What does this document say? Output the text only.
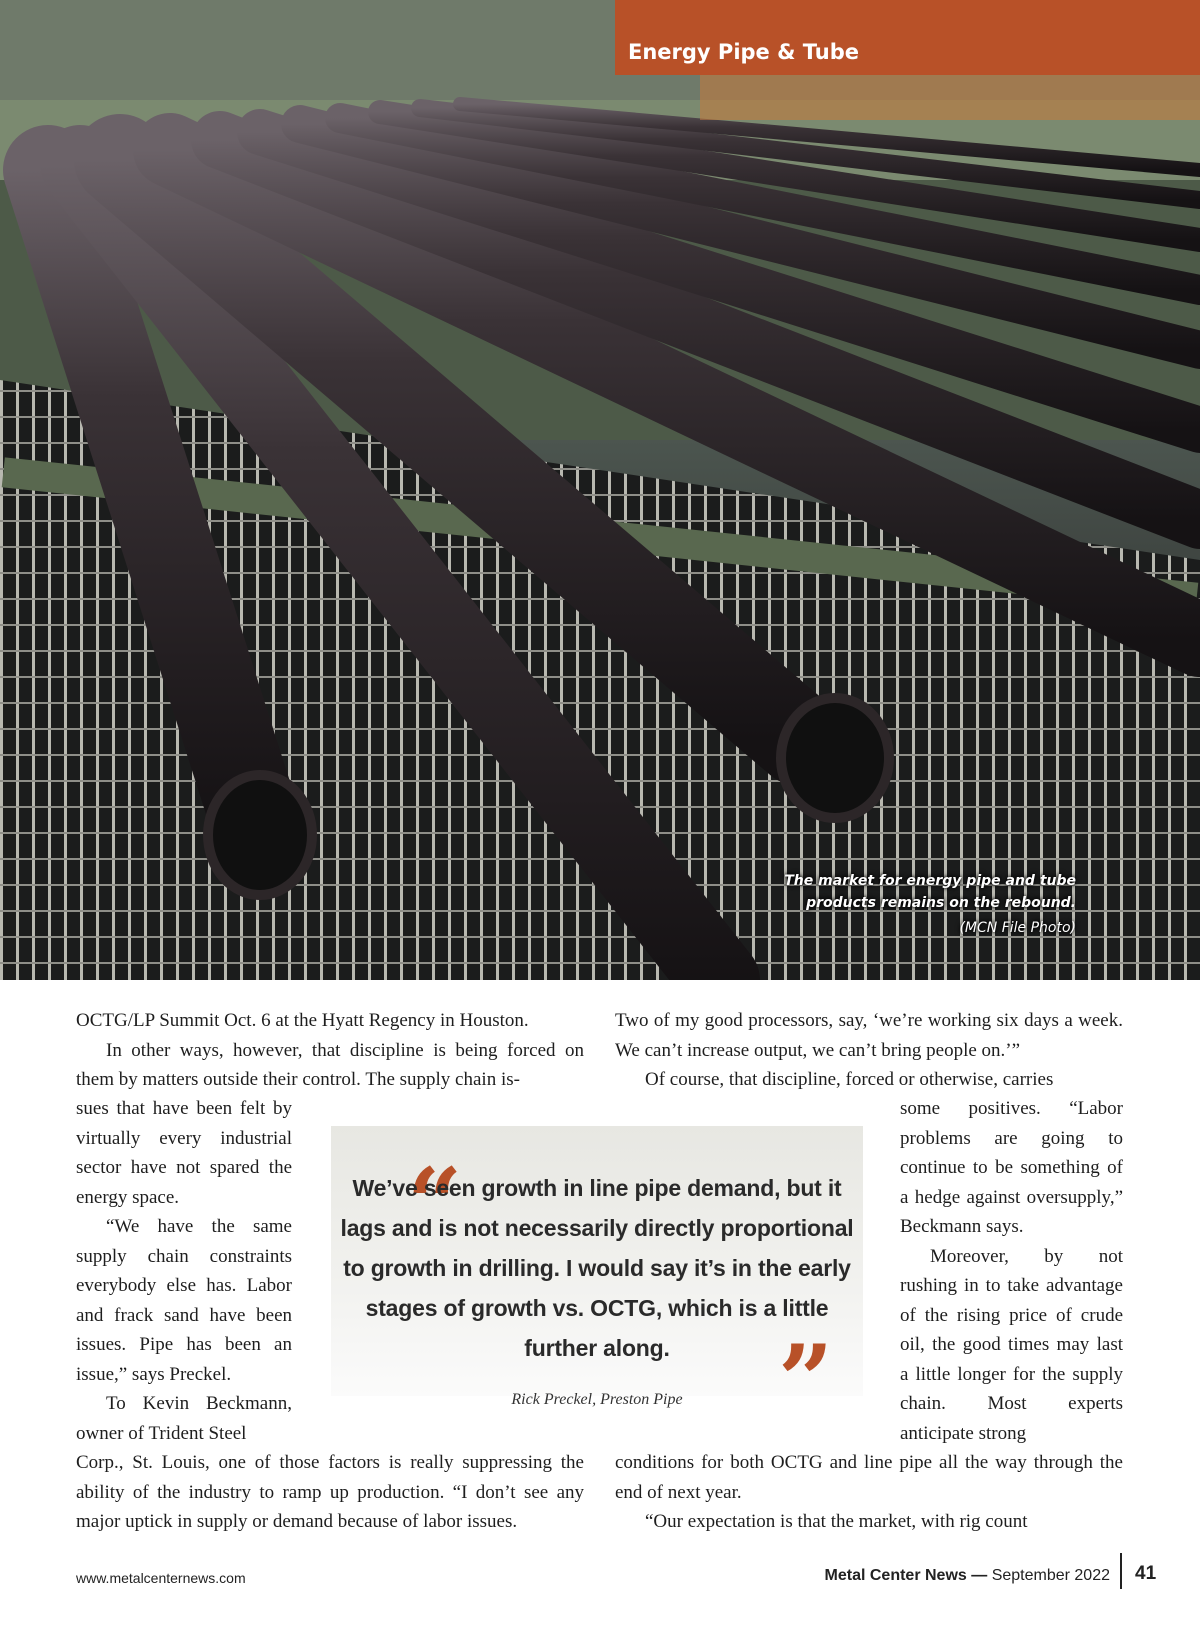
Energy Pipe & Tube
The market for energy pipe and tube
products remains on the rebound.
(MCN File Photo)

OCTG/LP Summit Oct. 6 at the Hyatt Regency in Houston.

In other ways, however, that discipline is being forced on them by matters outside their control. The supply chain is-

sues that have been felt by virtually every industrial sector have not spared the energy space.

“We have the same supply chain constraints everybody else has. Labor and frack sand have been issues. Pipe has been an issue,” says Preckel.

To Kevin Beckmann, owner of Trident Steel

Corp., St. Louis, one of those factors is really suppressing the ability of the industry to ramp up production. “I don’t see any major uptick in supply or demand because of labor issues.

Two of my good processors, say, ‘we’re working six days a week. We can’t increase output, we can’t bring people on.’”

Of course, that discipline, forced or otherwise, carries

some positives. “Labor problems are going to continue to be something of a hedge against oversupply,” Beckmann says.

Moreover, by not rushing in to take advantage of the rising price of crude oil, the good times may last a little longer for the supply chain. Most experts anticipate strong

conditions for both OCTG and line pipe all the way through the end of next year.

“Our expectation is that the market, with rig count

“
We’ve seen growth in line pipe demand, but it lags and is not necessarily directly proportional to growth in drilling. I would say it’s in the early stages of growth vs. OCTG, which is a little further along.	”
Rick Preckel, Preston Pipe
www.metalcenternews.com	Metal Center News — September 2022 41
